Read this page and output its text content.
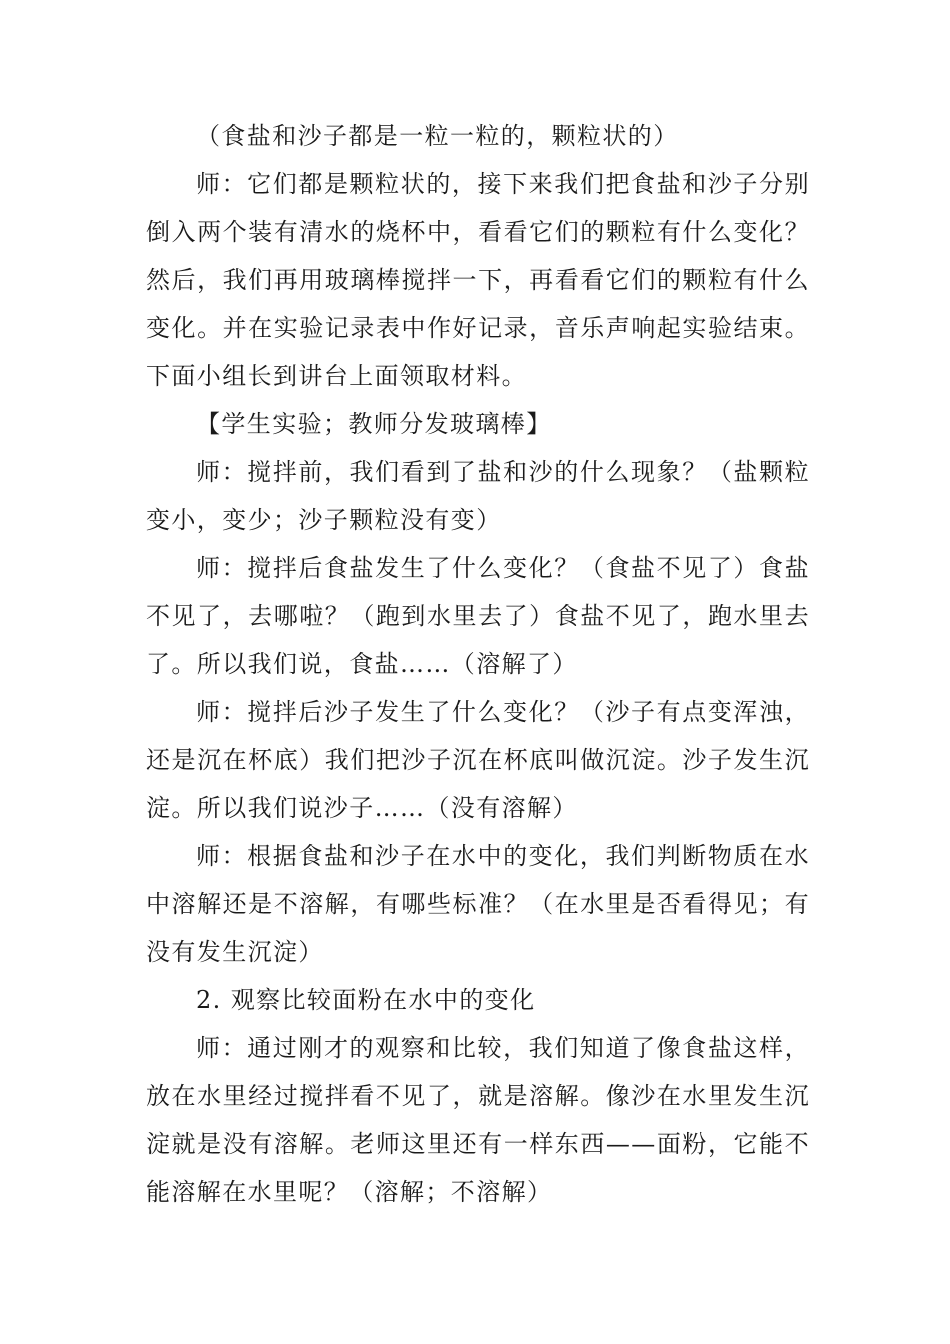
（食盐和沙子都是一粒一粒的，颗粒状的）

师：它们都是颗粒状的，接下来我们把食盐和沙子分别倒入两个装有清水的烧杯中，看看它们的颗粒有什么变化？然后，我们再用玻璃棒搅拌一下，再看看它们的颗粒有什么变化。并在实验记录表中作好记录，音乐声响起实验结束。下面小组长到讲台上面领取材料。

【学生实验；教师分发玻璃棒】

师：搅拌前，我们看到了盐和沙的什么现象？（盐颗粒变小，变少；沙子颗粒没有变）

师：搅拌后食盐发生了什么变化？（食盐不见了）食盐不见了，去哪啦？（跑到水里去了）食盐不见了，跑水里去了。所以我们说，食盐……（溶解了）

师：搅拌后沙子发生了什么变化？（沙子有点变浑浊，还是沉在杯底）我们把沙子沉在杯底叫做沉淀。沙子发生沉淀。所以我们说沙子……（没有溶解）

师：根据食盐和沙子在水中的变化，我们判断物质在水中溶解还是不溶解，有哪些标准？（在水里是否看得见；有没有发生沉淀）

2. 观察比较面粉在水中的变化

师：通过刚才的观察和比较，我们知道了像食盐这样，放在水里经过搅拌看不见了，就是溶解。像沙在水里发生沉淀就是没有溶解。老师这里还有一样东西——面粉，它能不能溶解在水里呢？（溶解；不溶解）
